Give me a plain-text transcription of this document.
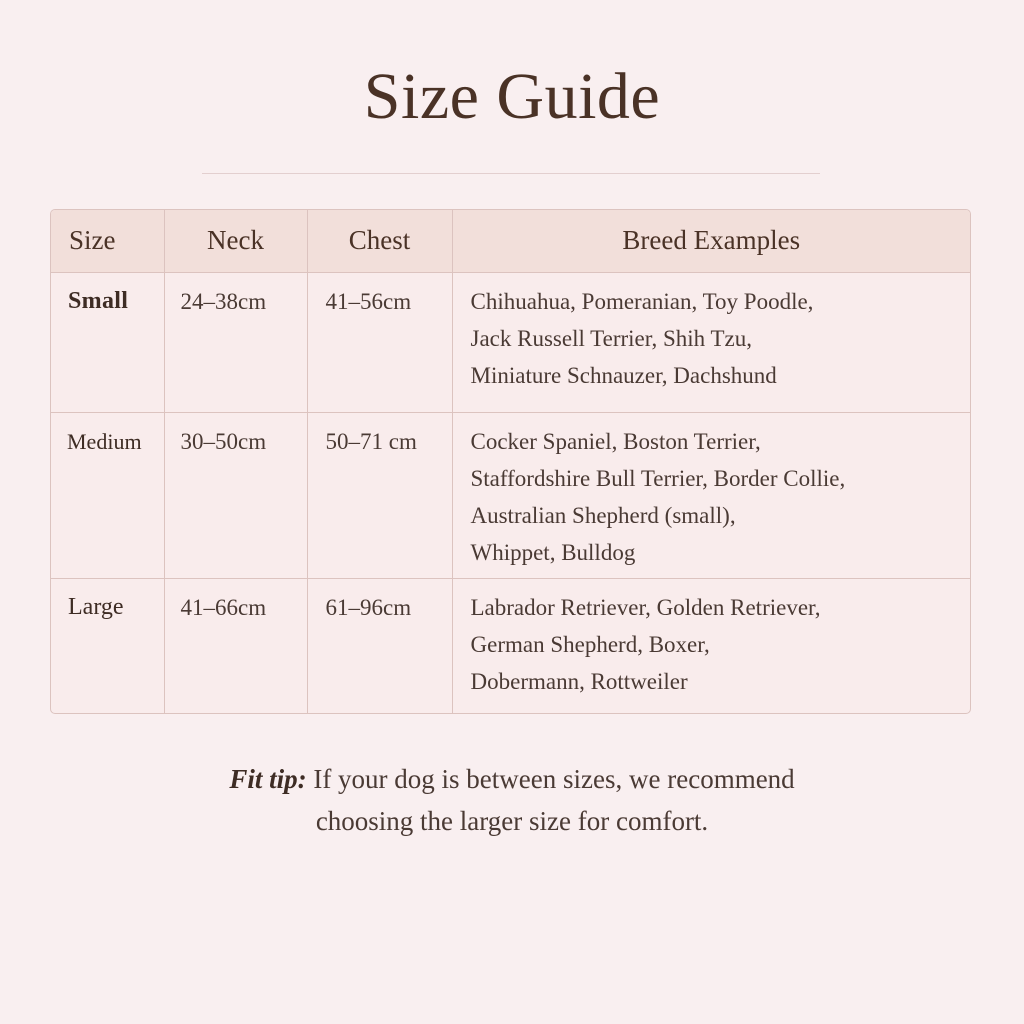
Size Guide
Size	Neck	Chest	Breed Examples
Small	24–38cm	41–56cm	Chihuahua, Pomeranian, Toy Poodle,
Jack Russell Terrier, Shih Tzu,
Miniature Schnauzer, Dachshund

Medium	30–50cm	50–71 cm	Cocker Spaniel, Boston Terrier,
Staffordshire Bull Terrier, Border Collie,
Australian Shepherd (small),
Whippet, Bulldog

Large	41–66cm	61–96cm	Labrador Retriever, Golden Retriever,
German Shepherd, Boxer,
Dobermann, Rottweiler
Fit tip: If your dog is between sizes, we recommend
choosing the larger size for comfort.
